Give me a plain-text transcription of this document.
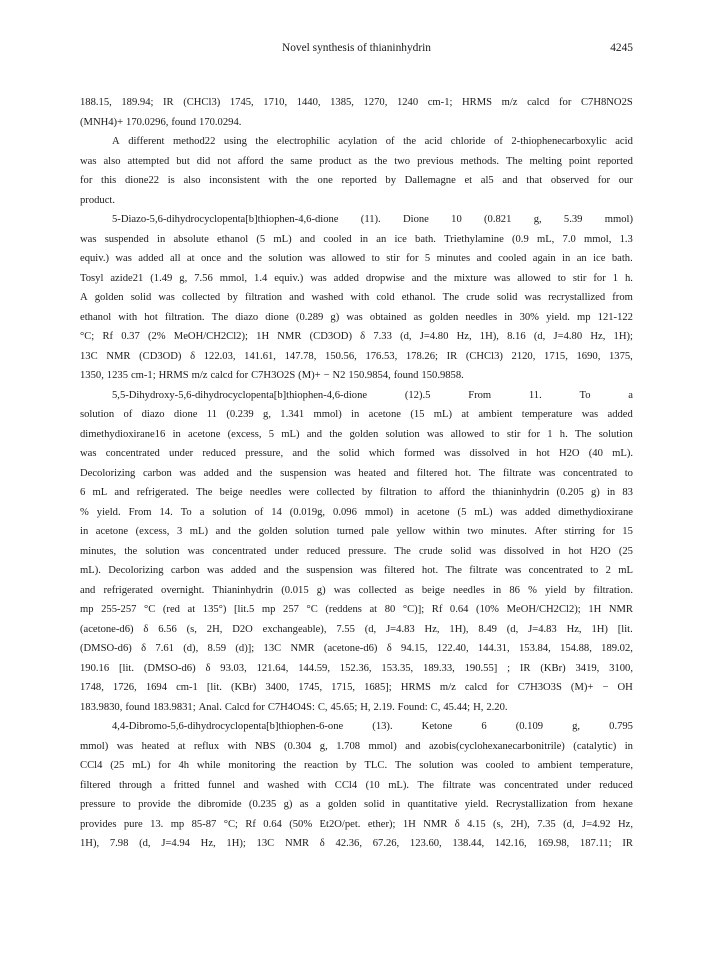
Novel synthesis of thianinhydrin	4245

188.15, 189.94; IR (CHCl3) 1745, 1710, 1440, 1385, 1270, 1240 cm-1; HRMS m/z calcd for C7H8NO2S
(MNH4)+ 170.0296, found 170.0294.

A different method22 using the electrophilic acylation of the acid chloride of 2-thiophenecarboxylic acid
was also attempted but did not afford the same product as the two previous methods. The melting point reported
for this dione22 is also inconsistent with the one reported by Dallemagne et al5 and that observed for our
product.

5-Diazo-5,6-dihydrocyclopenta[b]thiophen-4,6-dione (11). Dione 10 (0.821 g, 5.39 mmol)
was suspended in absolute ethanol (5 mL) and cooled in an ice bath. Triethylamine (0.9 mL, 7.0 mmol, 1.3
equiv.) was added all at once and the solution was allowed to stir for 5 minutes and cooled again in an ice bath.
Tosyl azide21 (1.49 g, 7.56 mmol, 1.4 equiv.) was added dropwise and the mixture was allowed to stir for 1 h.
A golden solid was collected by filtration and washed with cold ethanol. The crude solid was recrystallized from
ethanol with hot filtration. The diazo dione (0.289 g) was obtained as golden needles in 30% yield. mp 121-122
°C; Rf 0.37 (2% MeOH/CH2Cl2); 1H NMR (CD3OD) δ 7.33 (d, J=4.80 Hz, 1H), 8.16 (d, J=4.80 Hz, 1H);
13C NMR (CD3OD) δ 122.03, 141.61, 147.78, 150.56, 176.53, 178.26; IR (CHCl3) 2120, 1715, 1690, 1375,
1350, 1235 cm-1; HRMS m/z calcd for C7H3O2S (M)+ − N2 150.9854, found 150.9858.

5,5-Dihydroxy-5,6-dihydrocyclopenta[b]thiophen-4,6-dione	(12).5	From	11.	To	a
solution of diazo dione 11 (0.239 g, 1.341 mmol) in acetone (15 mL) at ambient temperature was added
dimethydioxirane16 in acetone (excess, 5 mL) and the golden solution was allowed to stir for 1 h. The solution
was concentrated under reduced pressure, and the solid which formed was dissolved in hot H2O (40 mL).
Decolorizing carbon was added and the suspension was heated and filtered hot. The filtrate was concentrated to
6 mL and refrigerated. The beige needles were collected by filtration to afford the thianinhydrin (0.205 g) in 83
% yield. From 14. To a solution of 14 (0.019g, 0.096 mmol) in acetone (5 mL) was added dimethydioxirane
in acetone (excess, 3 mL) and the golden solution turned pale yellow within two minutes. After stirring for 15
minutes, the solution was concentrated under reduced pressure. The crude solid was dissolved in hot H2O (25
mL). Decolorizing carbon was added and the suspension was filtered hot. The filtrate was concentrated to 2 mL
and refrigerated overnight. Thianinhydrin (0.015 g) was collected as beige needles in 86 % yield by filtration.
mp 255-257 °C (red at 135°) [lit.5 mp 257 °C (reddens at 80 °C)]; Rf 0.64 (10% MeOH/CH2Cl2); 1H NMR
(acetone-d6) δ 6.56 (s, 2H, D2O exchangeable), 7.55 (d, J=4.83 Hz, 1H), 8.49 (d, J=4.83 Hz, 1H) [lit.
(DMSO-d6) δ 7.61 (d), 8.59 (d)]; 13C NMR (acetone-d6) δ 94.15, 122.40, 144.31, 153.84, 154.88, 189.02,
190.16 [lit. (DMSO-d6) δ 93.03, 121.64, 144.59, 152.36, 153.35, 189.33, 190.55] ; IR (KBr) 3419, 3100,
1748, 1726, 1694 cm-1 [lit. (KBr) 3400, 1745, 1715, 1685]; HRMS m/z calcd for C7H3O3S (M)+ − OH
183.9830, found 183.9831; Anal. Calcd for C7H4O4S: C, 45.65; H, 2.19. Found: C, 45.44; H, 2.20.

4,4-Dibromo-5,6-dihydrocyclopenta[b]thiophen-6-one	(13).	Ketone	6	(0.109	g,	0.795
mmol) was heated at reflux with NBS (0.304 g, 1.708 mmol) and azobis(cyclohexanecarbonitrile) (catalytic) in
CCl4 (25 mL) for 4h while monitoring the reaction by TLC. The solution was cooled to ambient temperature,
filtered through a fritted funnel and washed with CCl4 (10 mL). The filtrate was concentrated under reduced
pressure to provide the dibromide (0.235 g) as a golden solid in quantitative yield. Recrystallization from hexane
provides pure 13. mp 85-87 °C; Rf 0.64 (50% Et2O/pet. ether); 1H NMR δ 4.15 (s, 2H), 7.35 (d, J=4.92 Hz,
1H), 7.98 (d, J=4.94 Hz, 1H); 13C NMR δ 42.36, 67.26, 123.60, 138.44, 142.16, 169.98, 187.11; IR
